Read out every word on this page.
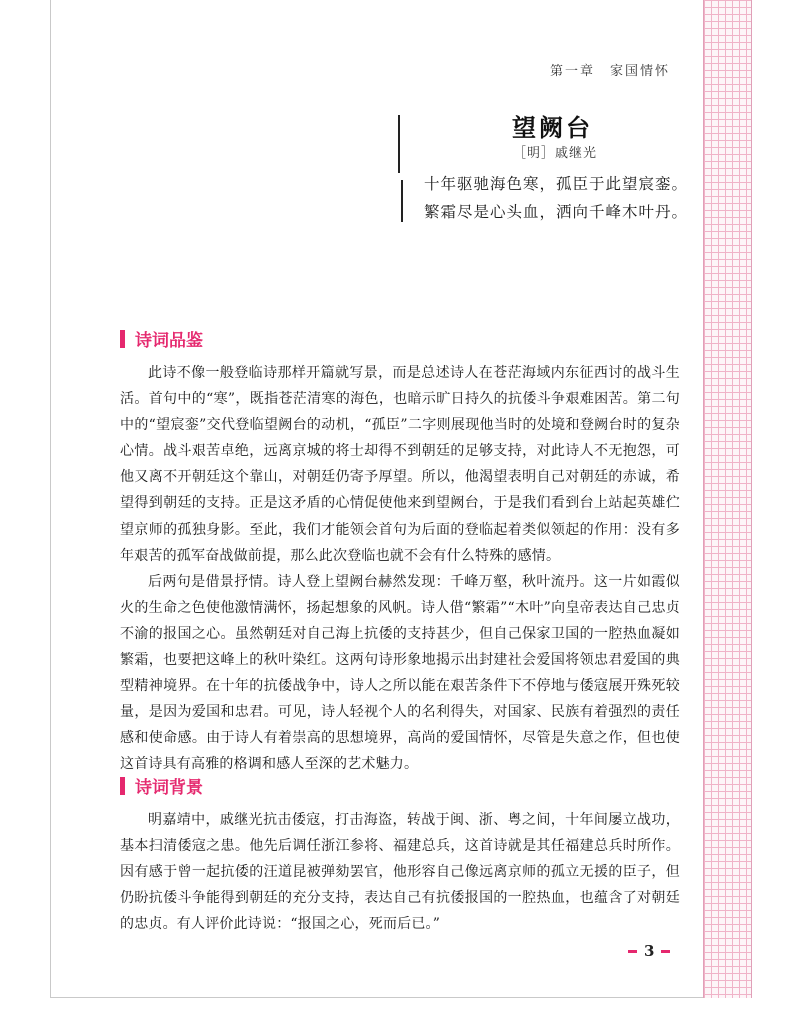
第一章　家国情怀
望阙台
［明］戚继光
十年驱驰海色寒，孤臣于此望宸銮。
繁霜尽是心头血，洒向千峰木叶丹。
诗词品鉴

此诗不像一般登临诗那样开篇就写景，而是总述诗人在苍茫海域内东征西讨的战斗生活。首句中的“寒”，既指苍茫清寒的海色，也暗示旷日持久的抗倭斗争艰难困苦。第二句中的“望宸銮”交代登临望阙台的动机，“孤臣”二字则展现他当时的处境和登阙台时的复杂心情。战斗艰苦卓绝，远离京城的将士却得不到朝廷的足够支持，对此诗人不无抱怨，可他又离不开朝廷这个靠山，对朝廷仍寄予厚望。所以，他渴望表明自己对朝廷的赤诚，希望得到朝廷的支持。正是这矛盾的心情促使他来到望阙台，于是我们看到台上站起英雄伫望京师的孤独身影。至此，我们才能领会首句为后面的登临起着类似领起的作用：没有多年艰苦的孤军奋战做前提，那么此次登临也就不会有什么特殊的感情。

后两句是借景抒情。诗人登上望阙台赫然发现：千峰万壑，秋叶流丹。这一片如霞似火的生命之色使他激情满怀，扬起想象的风帆。诗人借“繁霜”“木叶”向皇帝表达自己忠贞不渝的报国之心。虽然朝廷对自己海上抗倭的支持甚少，但自己保家卫国的一腔热血凝如繁霜，也要把这峰上的秋叶染红。这两句诗形象地揭示出封建社会爱国将领忠君爱国的典型精神境界。在十年的抗倭战争中，诗人之所以能在艰苦条件下不停地与倭寇展开殊死较量，是因为爱国和忠君。可见，诗人轻视个人的名利得失，对国家、民族有着强烈的责任感和使命感。由于诗人有着崇高的思想境界，高尚的爱国情怀，尽管是失意之作，但也使这首诗具有高雅的格调和感人至深的艺术魅力。

诗词背景

明嘉靖中，戚继光抗击倭寇，打击海盗，转战于闽、浙、粤之间，十年间屡立战功，基本扫清倭寇之患。他先后调任浙江参将、福建总兵，这首诗就是其任福建总兵时所作。因有感于曾一起抗倭的汪道昆被弹劾罢官，他形容自己像远离京师的孤立无援的臣子，但仍盼抗倭斗争能得到朝廷的充分支持，表达自己有抗倭报国的一腔热血，也蕴含了对朝廷的忠贞。有人评价此诗说：“报国之心，死而后已。”

3
